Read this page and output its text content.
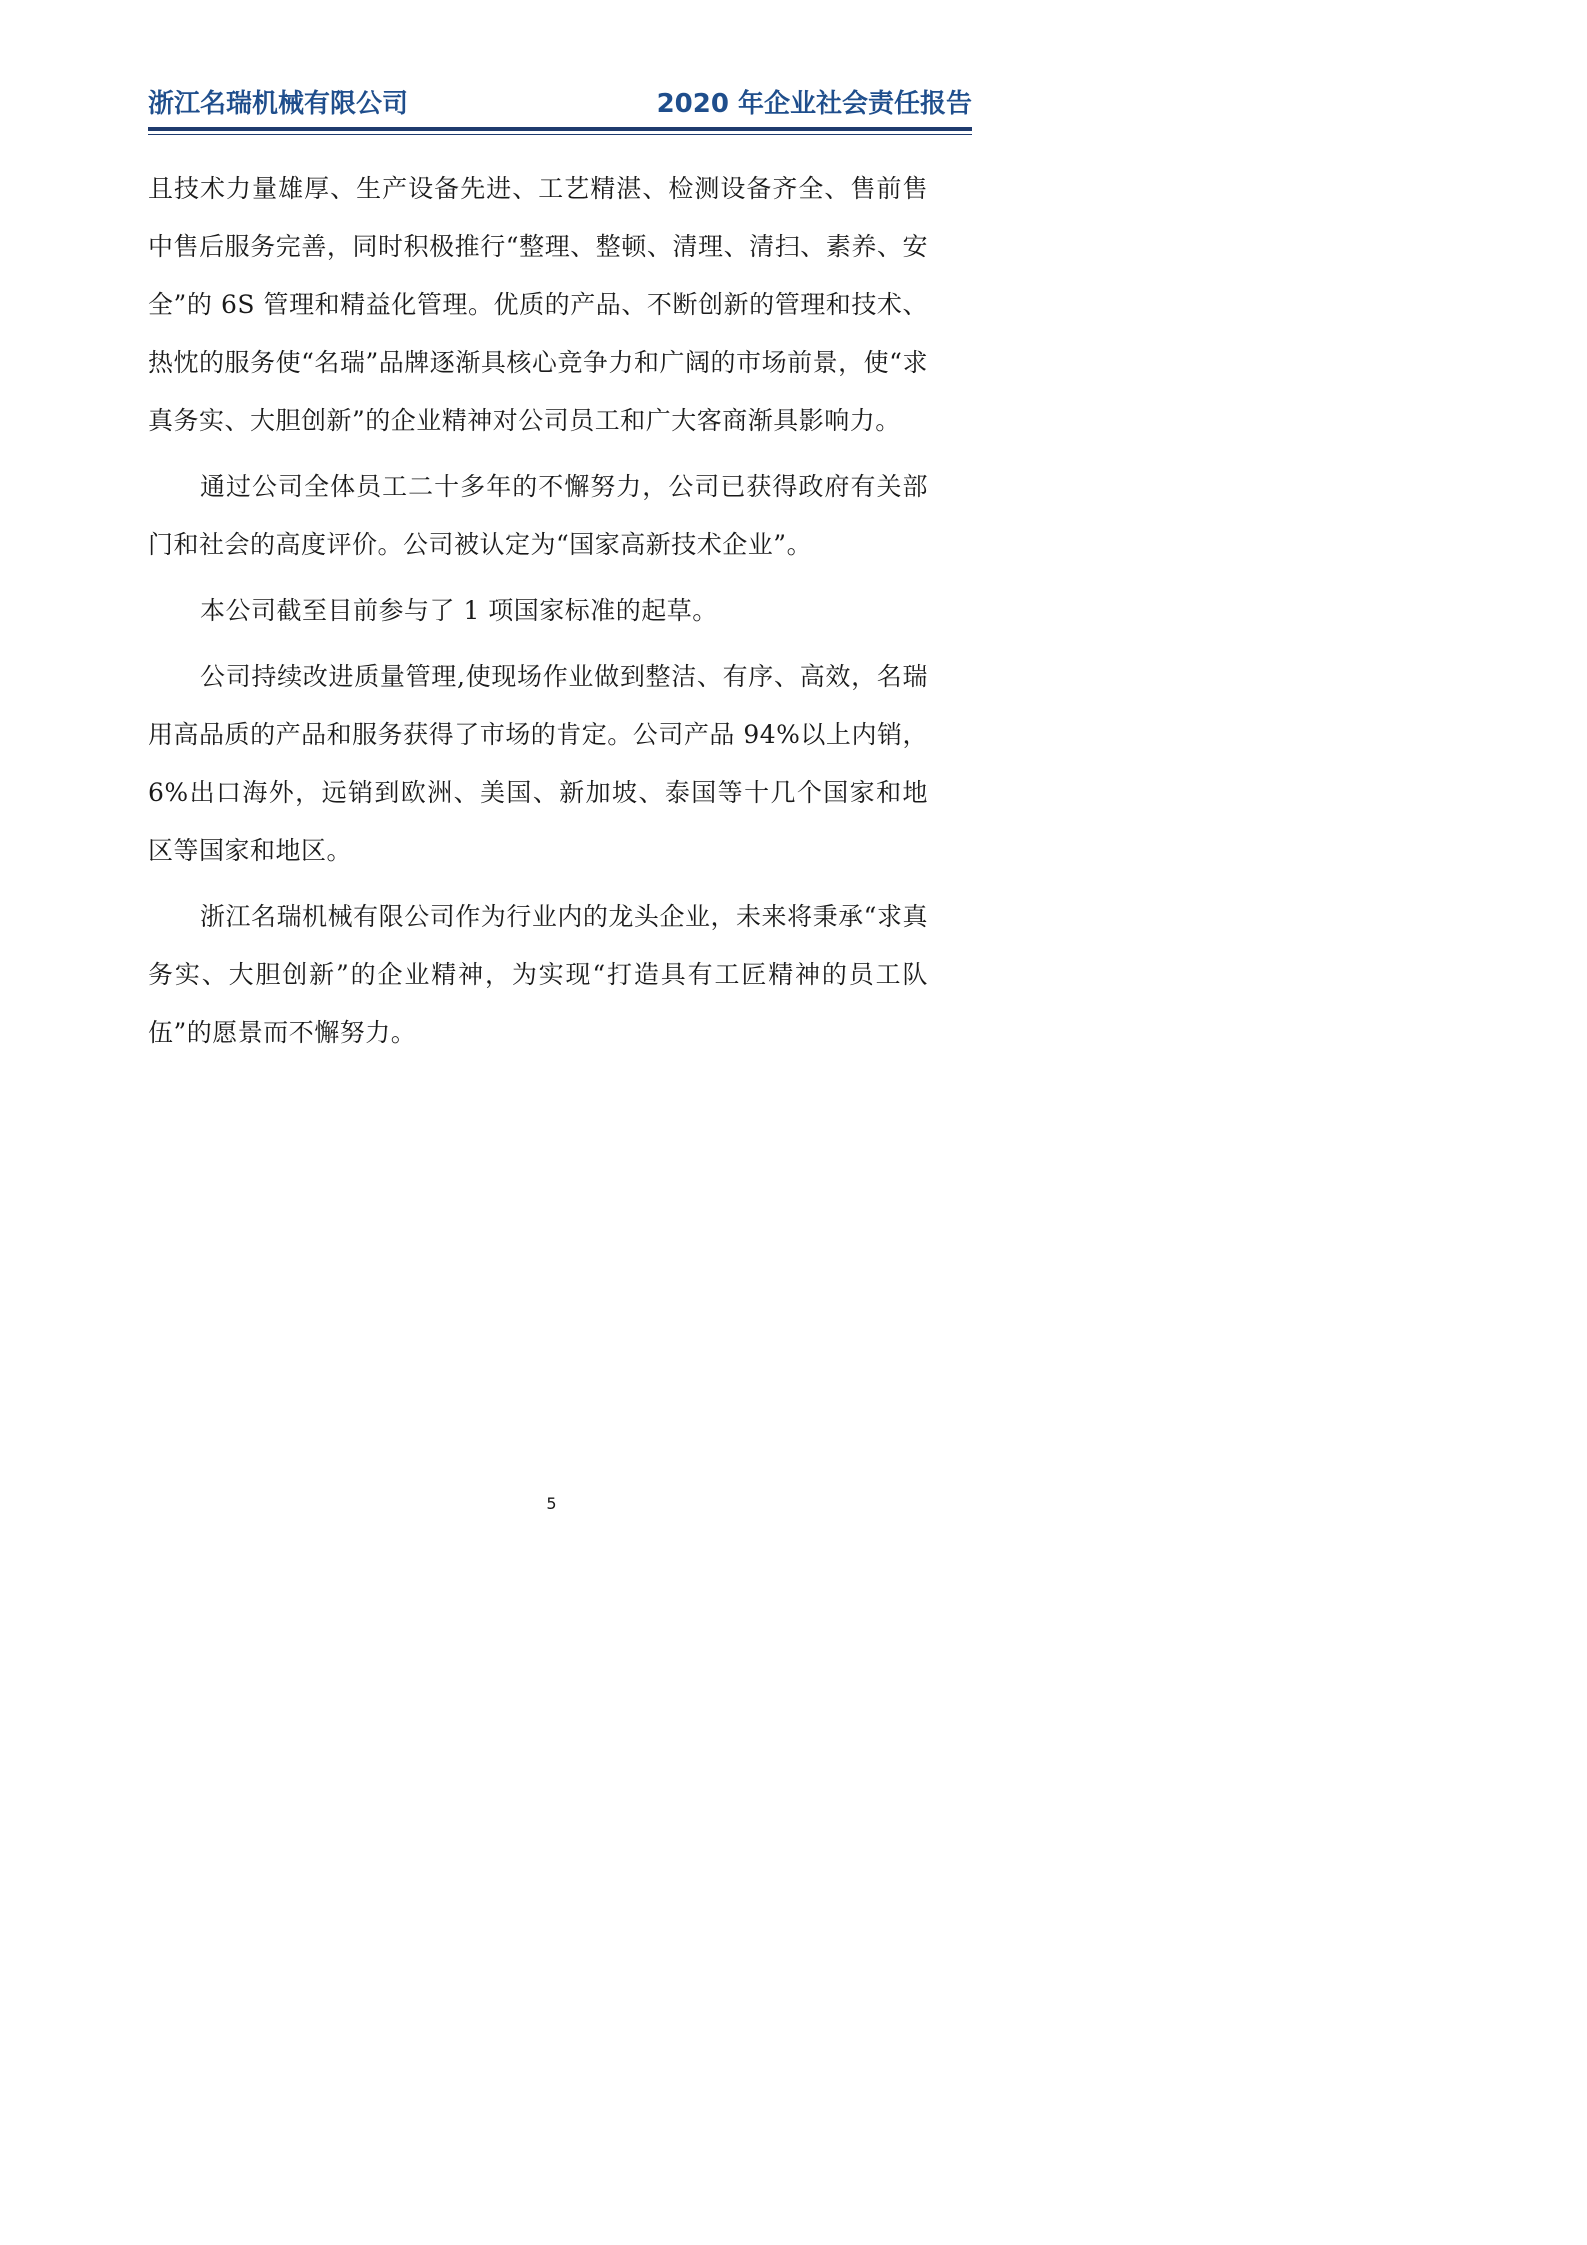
浙江名瑞机械有限公司	2020 年企业社会责任报告

且技术力量雄厚、生产设备先进、工艺精湛、检测设备齐全、售前售中售后服务完善，同时积极推行“整理、整顿、清理、清扫、素养、安全”的 6S 管理和精益化管理。优质的产品、不断创新的管理和技术、热忱的服务使“名瑞”品牌逐渐具核心竞争力和广阔的市场前景，使“求真务实、大胆创新”的企业精神对公司员工和广大客商渐具影响力。

通过公司全体员工二十多年的不懈努力，公司已获得政府有关部门和社会的高度评价。公司被认定为“国家高新技术企业”。

本公司截至目前参与了 1 项国家标准的起草。

公司持续改进质量管理,使现场作业做到整洁、有序、高效，名瑞用高品质的产品和服务获得了市场的肯定。公司产品 94%以上内销，6%出口海外，远销到欧洲、美国、新加坡、泰国等十几个国家和地区等国家和地区。

浙江名瑞机械有限公司作为行业内的龙头企业，未来将秉承“求真务实、大胆创新”的企业精神，为实现“打造具有工匠精神的员工队伍”的愿景而不懈努力。

5
